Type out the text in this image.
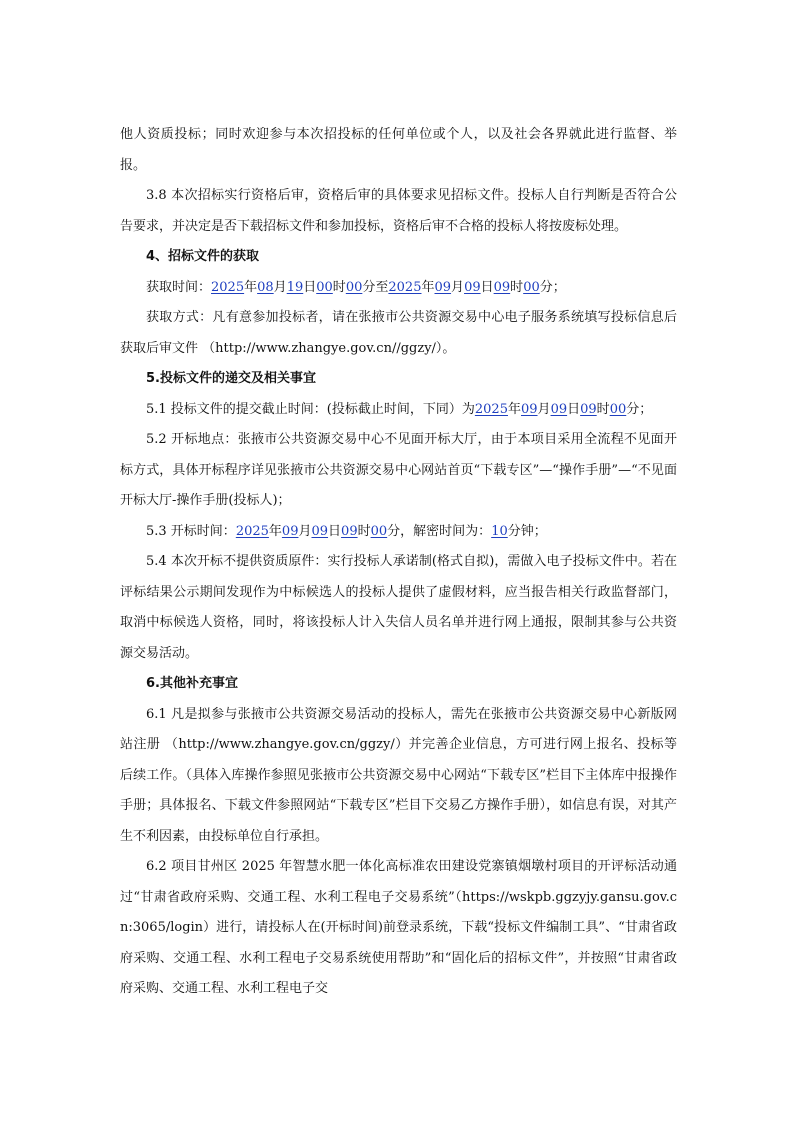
他人资质投标；同时欢迎参与本次招投标的任何单位或个人，以及社会各界就此进行监督、举报。

3.8 本次招标实行资格后审，资格后审的具体要求见招标文件。投标人自行判断是否符合公告要求，并决定是否下载招标文件和参加投标，资格后审不合格的投标人将按废标处理。

4、招标文件的获取

获取时间：2025年08月19日00时00分至2025年09月09日09时00分；

获取方式：凡有意参加投标者，请在张掖市公共资源交易中心电子服务系统填写投标信息后获取后审文件 （http://www.zhangye.gov.cn//ggzy/）。

5.投标文件的递交及相关事宜

5.1 投标文件的提交截止时间：(投标截止时间，下同）为2025年09月09日09时00分；

5.2 开标地点：张掖市公共资源交易中心不见面开标大厅，由于本项目采用全流程不见面开标方式，具体开标程序详见张掖市公共资源交易中心网站首页“下载专区”—“操作手册”—“不见面开标大厅-操作手册(投标人)；

5.3 开标时间：2025年09月09日09时00分，解密时间为：10分钟；

5.4 本次开标不提供资质原件：实行投标人承诺制(格式自拟)，需做入电子投标文件中。若在评标结果公示期间发现作为中标候选人的投标人提供了虚假材料，应当报告相关行政监督部门，取消中标候选人资格，同时，将该投标人计入失信人员名单并进行网上通报，限制其参与公共资源交易活动。

6.其他补充事宜

6.1 凡是拟参与张掖市公共资源交易活动的投标人，需先在张掖市公共资源交易中心新版网站注册 （http://www.zhangye.gov.cn/ggzy/）并完善企业信息，方可进行网上报名、投标等后续工作。（具体入库操作参照见张掖市公共资源交易中心网站“下载专区”栏目下主体库中报操作手册；具体报名、下载文件参照网站“下载专区”栏目下交易乙方操作手册），如信息有误，对其产生不利因素，由投标单位自行承担。

6.2 项目甘州区 2025 年智慧水肥一体化高标准农田建设党寨镇烟墩村项目的开评标活动通过“甘肃省政府采购、交通工程、水利工程电子交易系统”（https://wskpb.ggzyjy.gansu.gov.cn:3065/login）进行，请投标人在(开标时间)前登录系统，下载“投标文件编制工具”、“甘肃省政府采购、交通工程、水利工程电子交易系统使用帮助”和“固化后的招标文件”，并按照“甘肃省政府采购、交通工程、水利工程电子交
